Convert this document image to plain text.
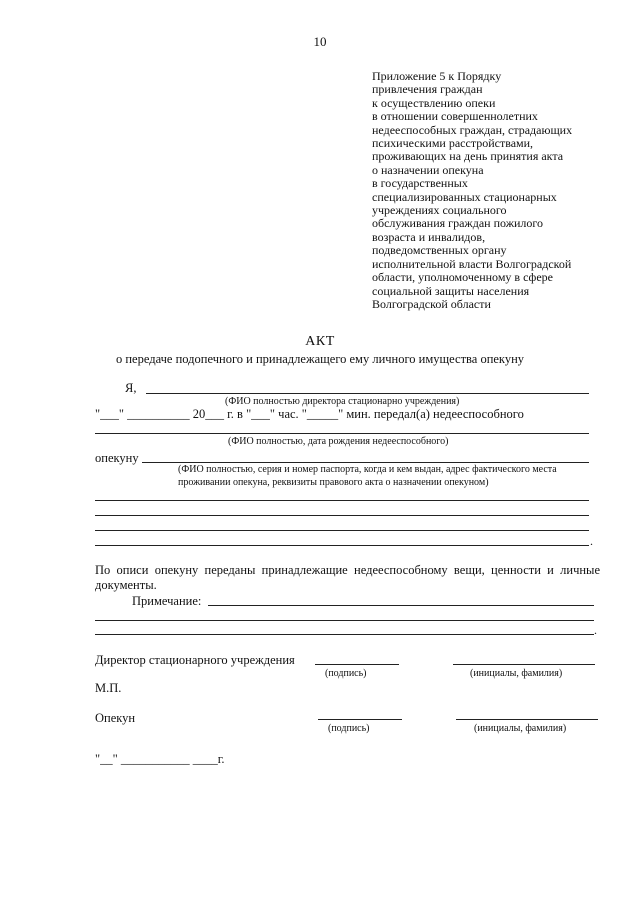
10
Приложение 5 к Порядку
привлечения граждан
к осуществлению опеки
в отношении совершеннолетних
недееспособных граждан, страдающих
психическими расстройствами,
проживающих на день принятия акта
о назначении опекуна
в государственных
специализированных стационарных
учреждениях социального
обслуживания граждан пожилого
возраста и инвалидов,
подведомственных органу
исполнительной власти Волгоградской
области, уполномоченному в сфере
социальной защиты населения
Волгоградской области
АКТ
о передаче подопечного и принадлежащего ему личного имущества опекуну
Я,
(ФИО полностью директора стационарно учреждения)
"___" __________ 20___ г. в "___" час. "_____" мин. передал(а) недееспособного
(ФИО полностью, дата рождения недееспособного)
опекуну
(ФИО полностью, серия и номер паспорта, когда и кем выдан, адрес фактического места
проживании опекуна, реквизиты правового акта о назначении опекуном)
.
По описи опекуну переданы принадлежащие недееспособному вещи, ценности и личные документы.
Примечание:
.
Директор стационарного учреждения
(подпись)	(инициалы, фамилия)
М.П.
Опекун
(подпись)	(инициалы, фамилия)
"__" ___________ ____г.
